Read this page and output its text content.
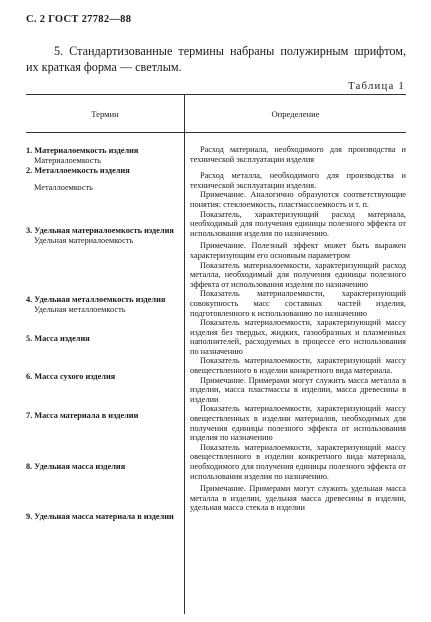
С. 2 ГОСТ 27782—88
5. Стандартизованные термины набраны полужирным шрифтом, их краткая форма — светлым.
Таблица 1
Термин	Определение
1. Материалоемкость изделия
Материалоемкость
2. Металлоемкость изделия
Металлоемкость
3. Удельная материалоемкость изделия
Удельная материалоемкость
4. Удельная металлоемкость изделия
Удельная металлоемкость
5. Масса изделия
6. Масса сухого изделия
7. Масса материала в изделии
8. Удельная масса изделия
9. Удельная масса материала в изделии

Расход материала, необходимого для производства и технической эксплуатации изделия

Расход металла, необходимого для производства и технической эксплуатации изделия.

Примечание. Аналогично образуются соответствующие понятия: стеклоемкость, пластмассоемкость и т. п.

Показатель, характеризующий расход материала, необходимый для получения единицы полезного эффекта от использования изделия по назначению.

Примечание. Полезный эффект может быть выражен характеризующим его основным параметром

Показатель материалоемкости, характеризующий расход металла, необходимый для получения единицы полезного эффекта от использования изделия по назначению

Показатель материалоемкости, характеризующий совокупность масс составных частей изделия, подготовленного к использованию по назначению

Показатель материалоемкости, характеризующий массу изделия без твердых, жидких, газообразных и плазменных наполнителей, расходуемых в процессе его использования по назначению

Показатель материалоемкости, характеризующий массу овеществленного в изделии конкретного вида материала.

Примечание. Примерами могут служить масса металла в изделии, масса пластмассы в изделии, масса древесины в изделии

Показатель материалоемкости, характеризующий массу овеществленных в изделии материалов, необходимых для получения единицы полезного эффекта от использования изделия по назначению

Показатель материалоемкости, характеризующий массу овеществленного в изделии конкретного вида материала, необходимого для получения единицы полезного эффекта от использования изделия по назначению.

Примечание. Примерами могут служить удельная масса металла в изделии, удельная масса древесины в изделии, удельная масса стекла в изделии
